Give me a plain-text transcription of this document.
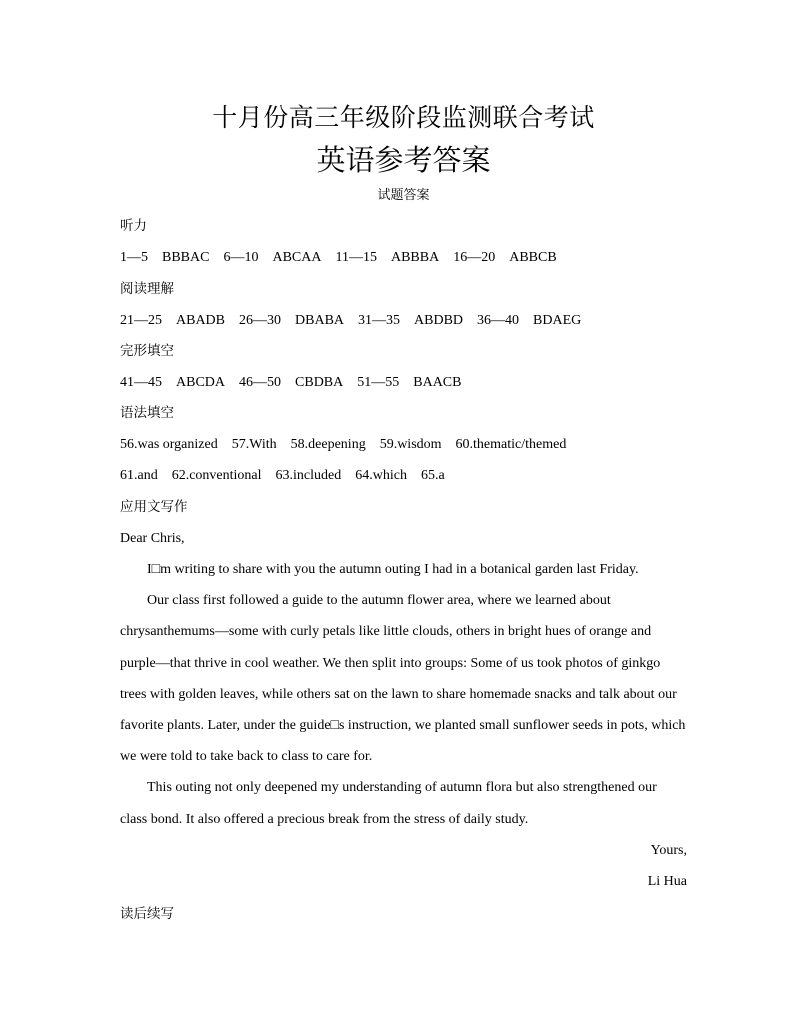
十月份高三年级阶段监测联合考试
英语参考答案
试题答案
听力
1—5 BBBAC 6—10 ABCAA 11—15 ABBBA 16—20 ABBCB
阅读理解
21—25 ABADB 26—30 DBABA 31—35 ABDBD 36—40 BDAEG
完形填空
41—45 ABCDA 46—50 CBDBA 51—55 BAACB
语法填空
56.was organized 57.With 58.deepening 59.wisdom 60.thematic/themed
61.and 62.conventional 63.included 64.which 65.a
应用文写作
Dear Chris,
I□m writing to share with you the autumn outing I had in a botanical garden last Friday.
Our class first followed a guide to the autumn flower area, where we learned about
chrysanthemums—some with curly petals like little clouds, others in bright hues of orange and
purple—that thrive in cool weather. We then split into groups: Some of us took photos of ginkgo
trees with golden leaves, while others sat on the lawn to share homemade snacks and talk about our
favorite plants. Later, under the guide□s instruction, we planted small sunflower seeds in pots, which
we were told to take back to class to care for.
This outing not only deepened my understanding of autumn flora but also strengthened our
class bond. It also offered a precious break from the stress of daily study.
Yours,
Li Hua
读后续写
